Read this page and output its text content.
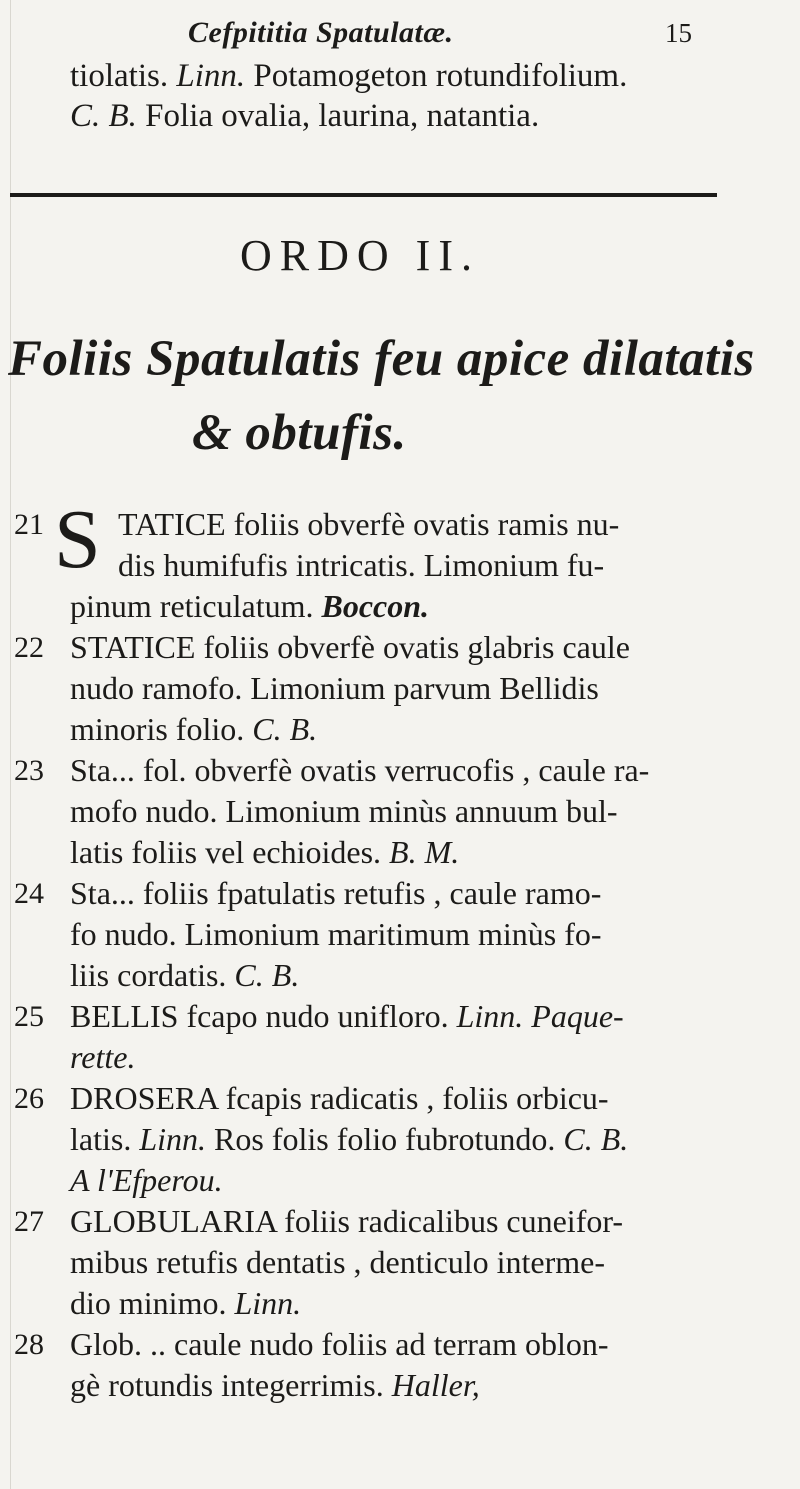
Cefpititia Spatulatæ.	15
tiolatis. Linn. Potamogeton rotundifolium.
C. B. Folia ovalia, laurina, natantia.
ORDO II.
Foliis Spatulatis feu apice dilatatis
& obtufis.
S
21 TATICE foliis obverfè ovatis ramis nu-
dis humifufis intricatis. Limonium fu-
pinum reticulatum. Boccon.
22 STATICE foliis obverfè ovatis glabris caule
nudo ramofo. Limonium parvum Bellidis
minoris folio. C. B.
23 Sta... fol. obverfè ovatis verrucofis , caule ra-
mofo nudo. Limonium minùs annuum bul-
latis foliis vel echioides. B. M.
24 Sta... foliis fpatulatis retufis , caule ramo-
fo nudo. Limonium maritimum minùs fo-
liis cordatis. C. B.
25 BELLIS fcapo nudo unifloro. Linn. Paque-
rette.
26 DROSERA fcapis radicatis , foliis orbicu-
latis. Linn. Ros folis folio fubrotundo. C. B.
A l'Efperou.
27 GLOBULARIA foliis radicalibus cuneifor-
mibus retufis dentatis , denticulo interme-
dio minimo. Linn.
28 Glob. .. caule nudo foliis ad terram oblon-
gè rotundis integerrimis. Haller,
